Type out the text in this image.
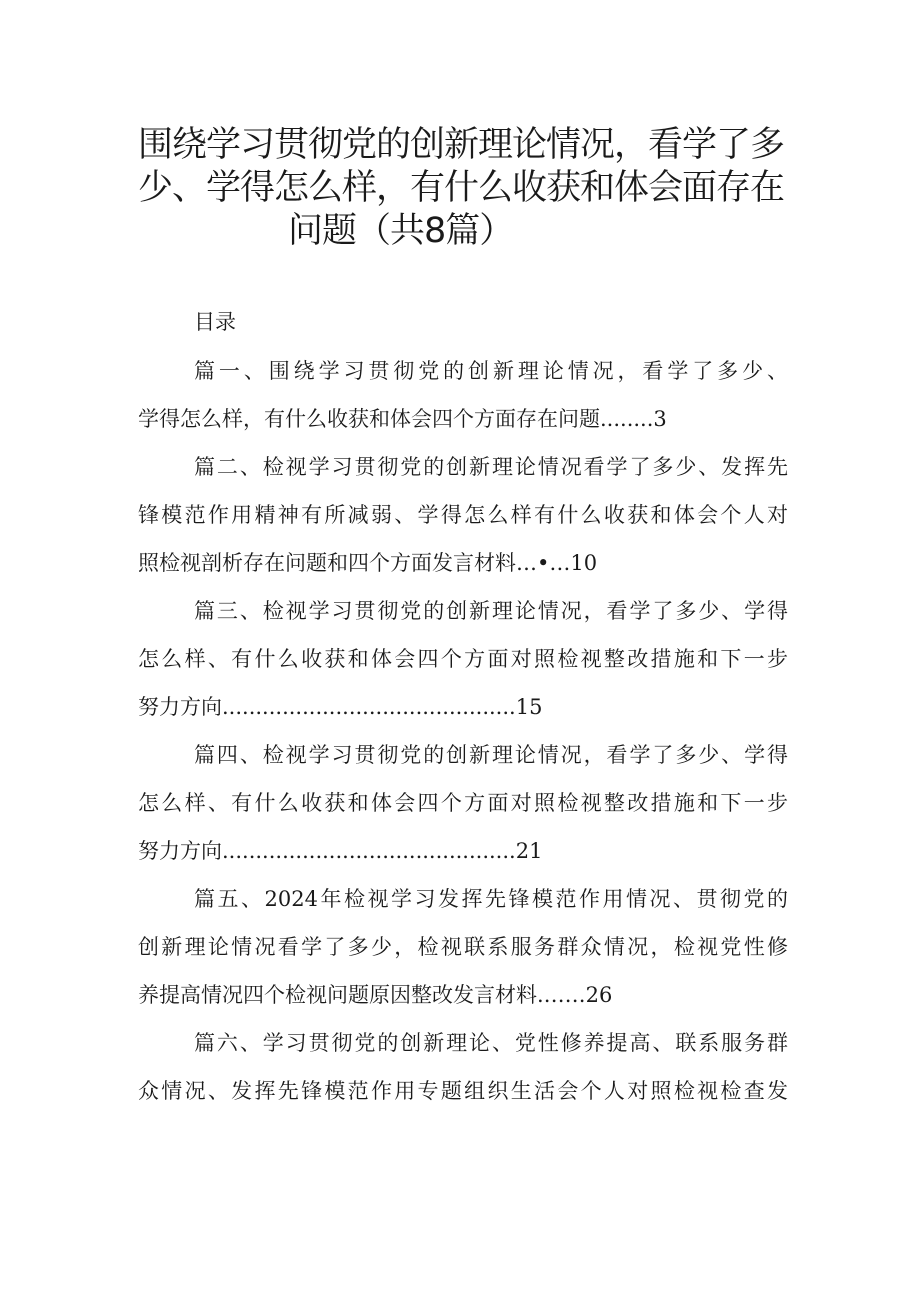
围绕学习贯彻党的创新理论情况，看学了多
少、学得怎么样，有什么收获和体会面存在
问题（共8篇）
目录
篇一、围绕学习贯彻党的创新理论情况，看学了多少、
学得怎么样，有什么收获和体会四个方面存在问题........3
篇二、检视学习贯彻党的创新理论情况看学了多少、发挥先
锋模范作用精神有所减弱、学得怎么样有什么收获和体会个人对
照检视剖析存在问题和四个方面发言材料…•…10
篇三、检视学习贯彻党的创新理论情况，看学了多少、学得
怎么样、有什么收获和体会四个方面对照检视整改措施和下一步
努力方向............................................15
篇四、检视学习贯彻党的创新理论情况，看学了多少、学得
怎么样、有什么收获和体会四个方面对照检视整改措施和下一步
努力方向............................................21
篇五、2024年检视学习发挥先锋模范作用情况、贯彻党的
创新理论情况看学了多少，检视联系服务群众情况，检视党性修
养提高情况四个检视问题原因整改发言材料.……26
篇六、学习贯彻党的创新理论、党性修养提高、联系服务群
众情况、发挥先锋模范作用专题组织生活会个人对照检视检查发
